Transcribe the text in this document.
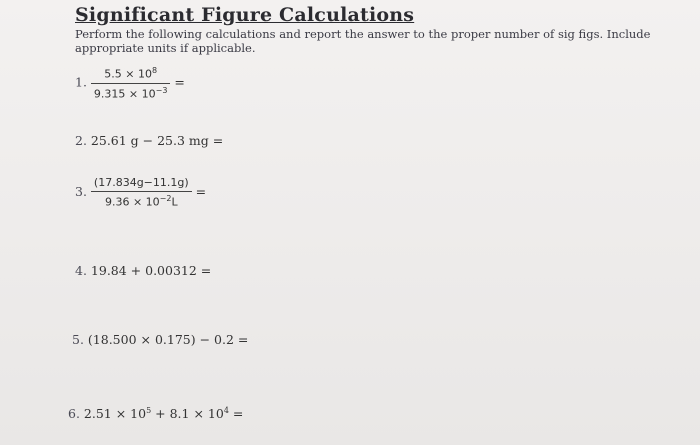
Significant Figure Calculations
Perform the following calculations and report the answer to the proper number of sig figs. Include appropriate units if applicable.
1. $\frac{5.5 \times 10^8}{9.315 \times 10^{-3}}$ =
2. 25.61 g − 25.3 mg =
3. $\frac{(17.834g-11.1g)}{9.36 \times 10^{-2}L}$ =
4. 19.84 + 0.00312 =
5. (18.500 × 0.175) − 0.2 =
6. $2.51 \times 10^5 + 8.1 \times 10^4$ =
